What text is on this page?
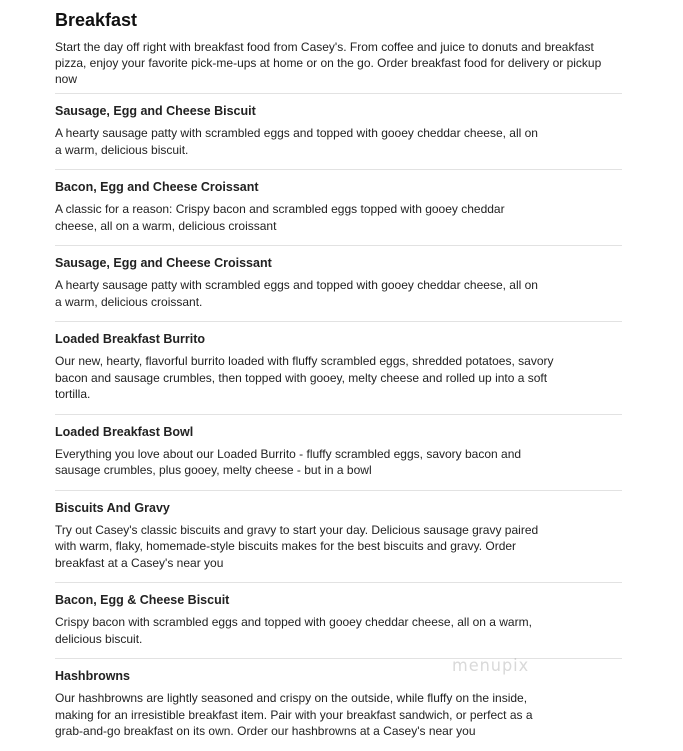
Breakfast

Start the day off right with breakfast food from Casey's. From coffee and juice to donuts and breakfast pizza, enjoy your favorite pick-me-ups at home or on the go. Order breakfast food for delivery or pickup now

Sausage, Egg and Cheese Biscuit

A hearty sausage patty with scrambled eggs and topped with gooey cheddar cheese, all on a warm, delicious biscuit.

Bacon, Egg and Cheese Croissant

A classic for a reason: Crispy bacon and scrambled eggs topped with gooey cheddar cheese, all on a warm, delicious croissant

Sausage, Egg and Cheese Croissant

A hearty sausage patty with scrambled eggs and topped with gooey cheddar cheese, all on a warm, delicious croissant.

Loaded Breakfast Burrito

Our new, hearty, flavorful burrito loaded with fluffy scrambled eggs, shredded potatoes, savory bacon and sausage crumbles, then topped with gooey, melty cheese and rolled up into a soft tortilla.

Loaded Breakfast Bowl

Everything you love about our Loaded Burrito - fluffy scrambled eggs, savory bacon and sausage crumbles, plus gooey, melty cheese - but in a bowl

Biscuits And Gravy

Try out Casey's classic biscuits and gravy to start your day. Delicious sausage gravy paired with warm, flaky, homemade-style biscuits makes for the best biscuits and gravy. Order breakfast at a Casey's near you

Bacon, Egg & Cheese Biscuit

Crispy bacon with scrambled eggs and topped with gooey cheddar cheese, all on a warm, delicious biscuit.

Hashbrowns

Our hashbrowns are lightly seasoned and crispy on the outside, while fluffy on the inside, making for an irresistible breakfast item. Pair with your breakfast sandwich, or perfect as a grab-and-go breakfast on its own. Order our hashbrowns at a Casey's near you

menupix
